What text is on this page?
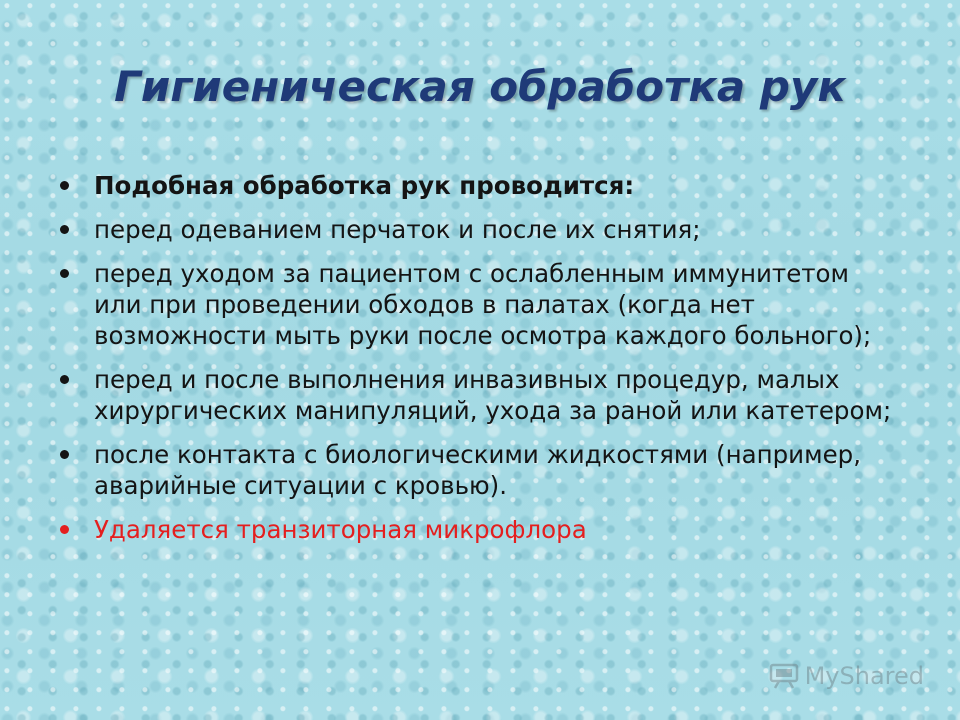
Гигиеническая обработка рук
Подобная обработка рук проводится:
перед одеванием перчаток и после их снятия;
перед уходом за пациентом с ослабленным иммунитетом или при проведении обходов в палатах (когда нет возможности мыть руки после осмотра каждого больного);
перед и после выполнения инвазивных процедур, малых хирургических манипуляций, ухода за раной или катетером;
после контакта с биологическими жидкостями (например, аварийные ситуации с кровью).
Удаляется транзиторная микрофлора
MyShared
